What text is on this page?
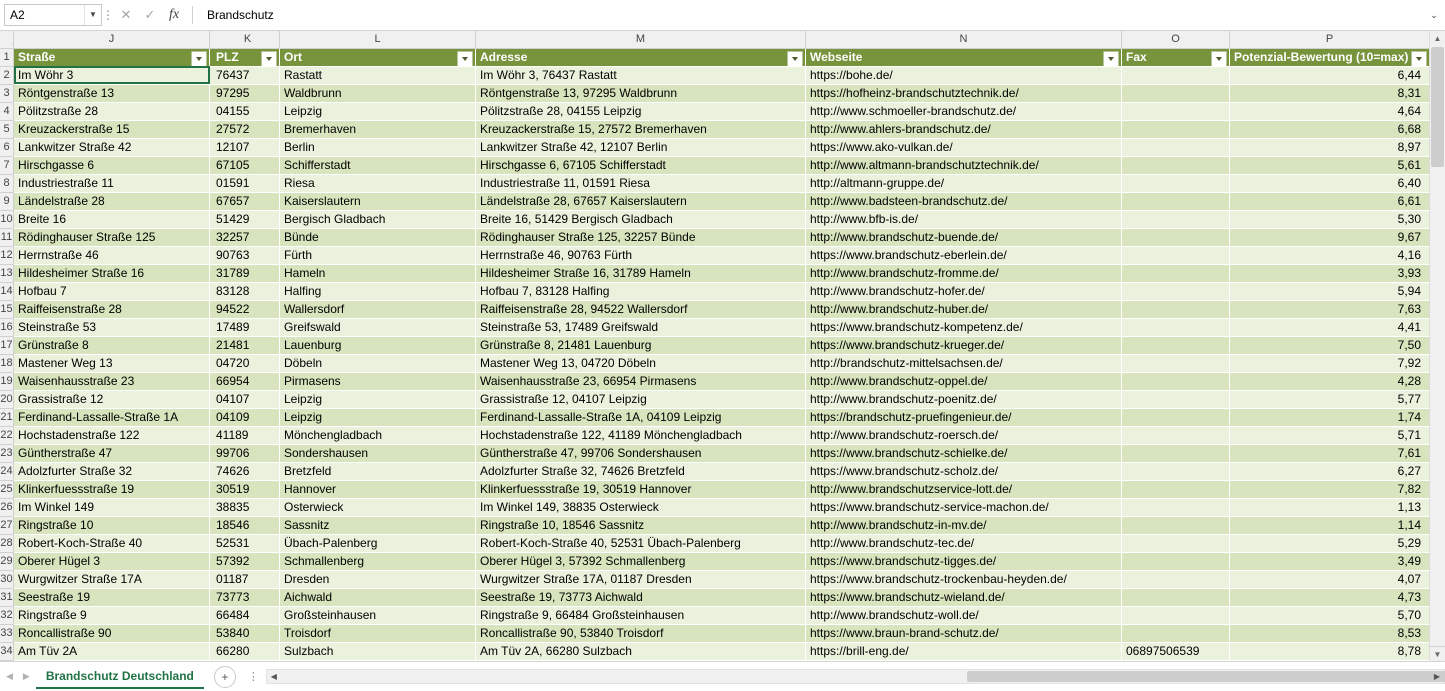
A2	▼ ⋮ ✕	✓ fx	Brandschutz	⌄
	J	K	L	M	N	O	P
1	Straße	PLZ	Ort	Adresse	Webseite	Fax	Potenzial-Bewertung (10=max)

2	Im Wöhr 3	76437	Rastatt	Im Wöhr 3, 76437 Rastatt	https://bohe.de/		6,44
3	Röntgenstraße 13	97295	Waldbrunn	Röntgenstraße 13, 97295 Waldbrunn	https://hofheinz-brandschutztechnik.de/		8,31
4	Pölitzstraße 28	04155	Leipzig	Pölitzstraße 28, 04155 Leipzig	http://www.schmoeller-brandschutz.de/		4,64
5	Kreuzackerstraße 15	27572	Bremerhaven	Kreuzackerstraße 15, 27572 Bremerhaven	http://www.ahlers-brandschutz.de/		6,68
6	Lankwitzer Straße 42	12107	Berlin	Lankwitzer Straße 42, 12107 Berlin	https://www.ako-vulkan.de/		8,97
7	Hirschgasse 6	67105	Schifferstadt	Hirschgasse 6, 67105 Schifferstadt	http://www.altmann-brandschutztechnik.de/		5,61
8	Industriestraße 11	01591	Riesa	Industriestraße 11, 01591 Riesa	http://altmann-gruppe.de/		6,40
9	Ländelstraße 28	67657	Kaiserslautern	Ländelstraße 28, 67657 Kaiserslautern	http://www.badsteen-brandschutz.de/		6,61
10	Breite 16	51429	Bergisch Gladbach	Breite 16, 51429 Bergisch Gladbach	http://www.bfb-is.de/		5,30
11	Rödinghauser Straße 125	32257	Bünde	Rödinghauser Straße 125, 32257 Bünde	http://www.brandschutz-buende.de/		9,67
12	Herrnstraße 46	90763	Fürth	Herrnstraße 46, 90763 Fürth	https://www.brandschutz-eberlein.de/		4,16
13	Hildesheimer Straße 16	31789	Hameln	Hildesheimer Straße 16, 31789 Hameln	http://www.brandschutz-fromme.de/		3,93
14	Hofbau 7	83128	Halfing	Hofbau 7, 83128 Halfing	http://www.brandschutz-hofer.de/		5,94
15	Raiffeisenstraße 28	94522	Wallersdorf	Raiffeisenstraße 28, 94522 Wallersdorf	http://www.brandschutz-huber.de/		7,63
16	Steinstraße 53	17489	Greifswald	Steinstraße 53, 17489 Greifswald	https://www.brandschutz-kompetenz.de/		4,41
17	Grünstraße 8	21481	Lauenburg	Grünstraße 8, 21481 Lauenburg	https://www.brandschutz-krueger.de/		7,50
18	Mastener Weg 13	04720	Döbeln	Mastener Weg 13, 04720 Döbeln	http://brandschutz-mittelsachsen.de/		7,92
19	Waisenhausstraße 23	66954	Pirmasens	Waisenhausstraße 23, 66954 Pirmasens	http://www.brandschutz-oppel.de/		4,28
20	Grassistraße 12	04107	Leipzig	Grassistraße 12, 04107 Leipzig	http://www.brandschutz-poenitz.de/		5,77
21	Ferdinand-Lassalle-Straße 1A	04109	Leipzig	Ferdinand-Lassalle-Straße 1A, 04109 Leipzig	https://brandschutz-pruefingenieur.de/		1,74
22	Hochstadenstraße 122	41189	Mönchengladbach	Hochstadenstraße 122, 41189 Mönchengladbach	http://www.brandschutz-roersch.de/		5,71
23	Güntherstraße 47	99706	Sondershausen	Güntherstraße 47, 99706 Sondershausen	https://www.brandschutz-schielke.de/		7,61
24	Adolzfurter Straße 32	74626	Bretzfeld	Adolzfurter Straße 32, 74626 Bretzfeld	https://www.brandschutz-scholz.de/		6,27
25	Klinkerfuessstraße 19	30519	Hannover	Klinkerfuessstraße 19, 30519 Hannover	http://www.brandschutzservice-lott.de/		7,82
26	Im Winkel 149	38835	Osterwieck	Im Winkel 149, 38835 Osterwieck	https://www.brandschutz-service-machon.de/		1,13
27	Ringstraße 10	18546	Sassnitz	Ringstraße 10, 18546 Sassnitz	http://www.brandschutz-in-mv.de/		1,14
28	Robert-Koch-Straße 40	52531	Übach-Palenberg	Robert-Koch-Straße 40, 52531 Übach-Palenberg	http://www.brandschutz-tec.de/		5,29
29	Oberer Hügel 3	57392	Schmallenberg	Oberer Hügel 3, 57392 Schmallenberg	https://www.brandschutz-tigges.de/		3,49
30	Wurgwitzer Straße 17A	01187	Dresden	Wurgwitzer Straße 17A, 01187 Dresden	https://www.brandschutz-trockenbau-heyden.de/		4,07
31	Seestraße 19	73773	Aichwald	Seestraße 19, 73773 Aichwald	https://www.brandschutz-wieland.de/		4,73
32	Ringstraße 9	66484	Großsteinhausen	Ringstraße 9, 66484 Großsteinhausen	http://www.brandschutz-woll.de/		5,70
33	Roncallistraße 90	53840	Troisdorf	Roncallistraße 90, 53840 Troisdorf	https://www.braun-brand-schutz.de/		8,53
34	Am Tüv 2A	66280	Sulzbach	Am Tüv 2A, 66280 Sulzbach	https://brill-eng.de/	06897506539	8,78
▲
▼
◀ ▶	Brandschutz Deutschland	+	⋮	◀	▶
